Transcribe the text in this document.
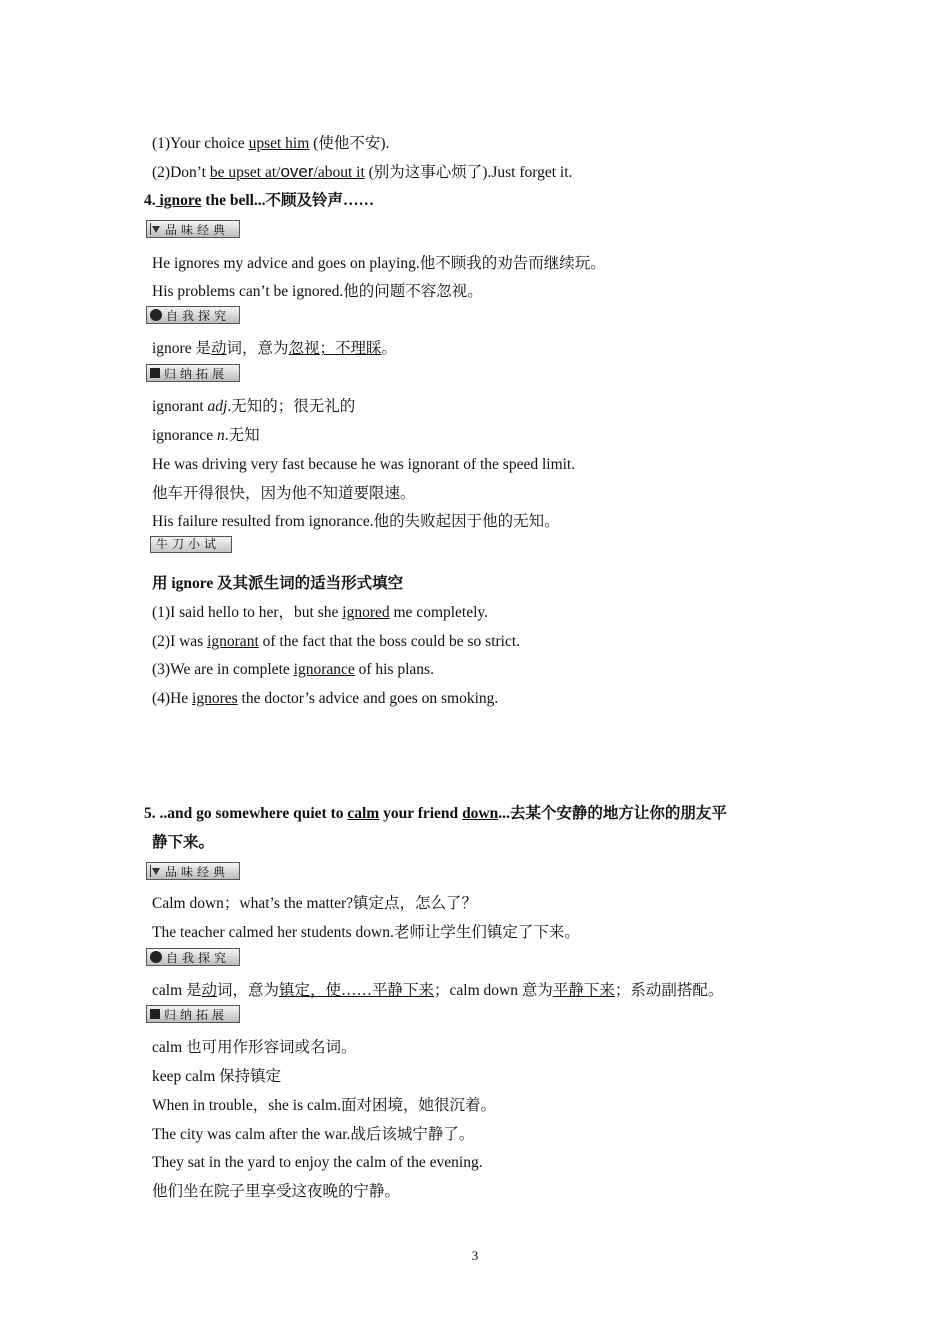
(1)Your choice upset him (使他不安).
(2)Don’t be upset at/over/about it (别为这事心烦了).Just forget it.
4. ignore the bell...不顾及铃声……
品味经典
He ignores my advice and goes on playing.他不顾我的劝告而继续玩。
His problems can’t be ignored.他的问题不容忽视。
自我探究
ignore 是动词，意为忽视；不理睬。
归纳拓展
ignorant adj.无知的；很无礼的
ignorance n.无知
He was driving very fast because he was ignorant of the speed limit.
他车开得很快，因为他不知道要限速。
His failure resulted from ignorance.他的失败起因于他的无知。
牛刀小试
用 ignore 及其派生词的适当形式填空
(1)I said hello to her，but she ignored me completely.
(2)I was ignorant of the fact that the boss could be so strict.
(3)We are in complete ignorance of his plans.
(4)He ignores the doctor’s advice and goes on smoking.
5. ..and go somewhere quiet to calm your friend down...去某个安静的地方让你的朋友平
静下来。
品味经典
Calm down；what’s the matter?镇定点，怎么了？
The teacher calmed her students down.老师让学生们镇定了下来。
自我探究
calm 是动词，意为镇定，使……平静下来；calm down 意为平静下来；系动副搭配。
归纳拓展
calm 也可用作形容词或名词。
keep calm 保持镇定
When in trouble，she is calm.面对困境，她很沉着。
The city was calm after the war.战后该城宁静了。
They sat in the yard to enjoy the calm of the evening.
他们坐在院子里享受这夜晚的宁静。
3
